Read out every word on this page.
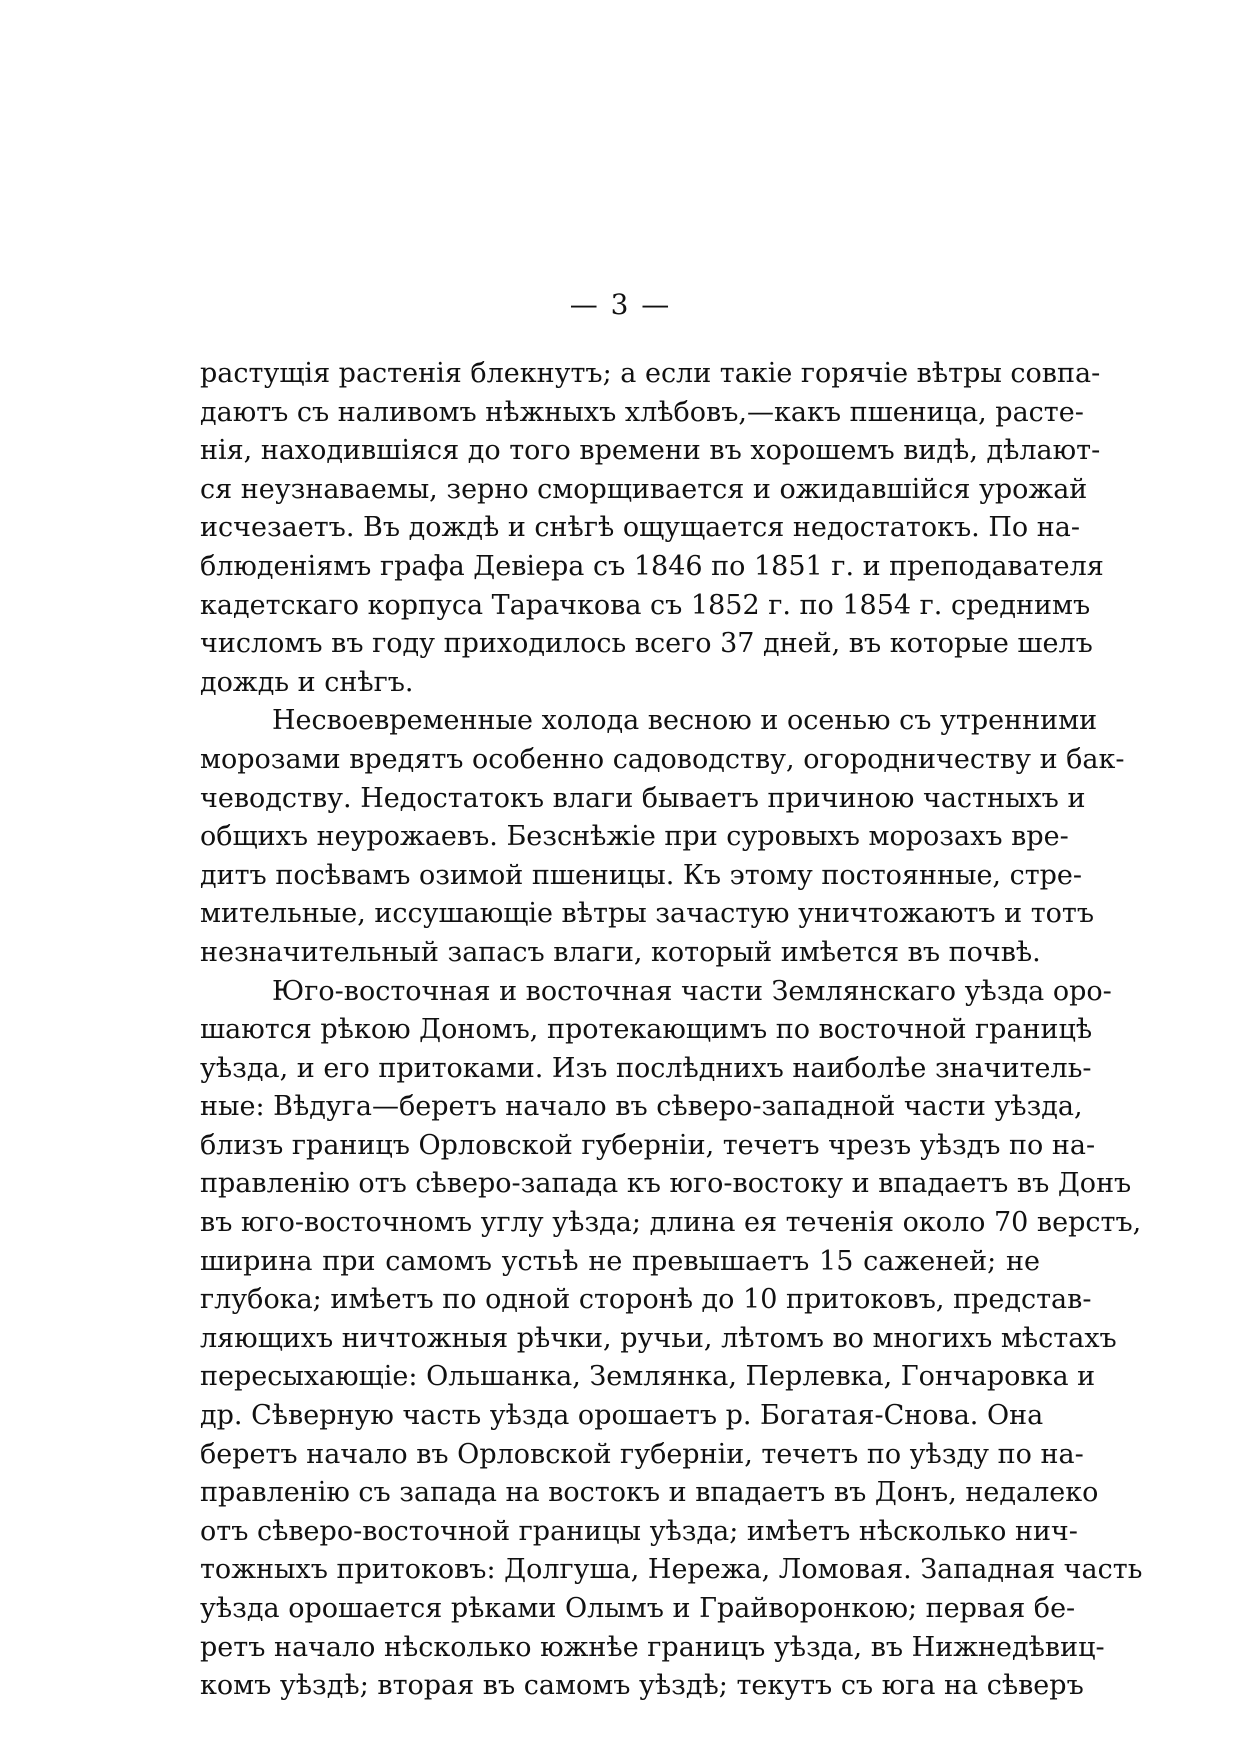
— 3 —
растущія растенія блекнутъ; а если такіе горячіе вѣтры совпа-
даютъ съ наливомъ нѣжныхъ хлѣбовъ,—какъ пшеница, расте-
нія, находившіяся до того времени въ хорошемъ видѣ, дѣлают-
ся неузнаваемы, зерно сморщивается и ожидавшійся урожай
исчезаетъ. Въ дождѣ и снѣгѣ ощущается недостатокъ. По на-
блюденіямъ графа Девіера съ 1846 по 1851 г. и преподавателя
кадетскаго корпуса Тарачкова съ 1852 г. по 1854 г. среднимъ
числомъ въ году приходилось всего 37 дней, въ которые шелъ
дождь и снѣгъ.
Несвоевременные холода весною и осенью съ утренними
морозами вредятъ особенно садоводству, огородничеству и бак-
чеводству. Недостатокъ влаги бываетъ причиною частныхъ и
общихъ неурожаевъ. Безснѣжіе при суровыхъ морозахъ вре-
дитъ посѣвамъ озимой пшеницы. Къ этому постоянные, стре-
мительные, иссушающіе вѣтры зачастую уничтожаютъ и тотъ
незначительный запасъ влаги, который имѣется въ почвѣ.
Юго-восточная и восточная части Землянскаго уѣзда оро-
шаются рѣкою Дономъ, протекающимъ по восточной границѣ
уѣзда, и его притоками. Изъ послѣднихъ наиболѣе значитель-
ные: Вѣдуга—беретъ начало въ сѣверо-западной части уѣзда,
близъ границъ Орловской губерніи, течетъ чрезъ уѣздъ по на-
правленію отъ сѣверо-запада къ юго-востоку и впадаетъ въ Донъ
въ юго-восточномъ углу уѣзда; длина ея теченія около 70 верстъ,
ширина при самомъ устьѣ не превышаетъ 15 саженей; не
глубока; имѣетъ по одной сторонѣ до 10 притоковъ, представ-
ляющихъ ничтожныя рѣчки, ручьи, лѣтомъ во многихъ мѣстахъ
пересыхающіе: Ольшанка, Землянка, Перлевка, Гончаровка и
др. Сѣверную часть уѣзда орошаетъ р. Богатая-Снова. Она
беретъ начало въ Орловской губерніи, течетъ по уѣзду по на-
правленію съ запада на востокъ и впадаетъ въ Донъ, недалеко
отъ сѣверо-восточной границы уѣзда; имѣетъ нѣсколько нич-
тожныхъ притоковъ: Долгуша, Нережа, Ломовая. Западная часть
уѣзда орошается рѣками Олымъ и Грайворонкою; первая бе-
ретъ начало нѣсколько южнѣе границъ уѣзда, въ Нижнедѣвиц-
комъ уѣздѣ; вторая въ самомъ уѣздѣ; текутъ съ юга на сѣверъ
